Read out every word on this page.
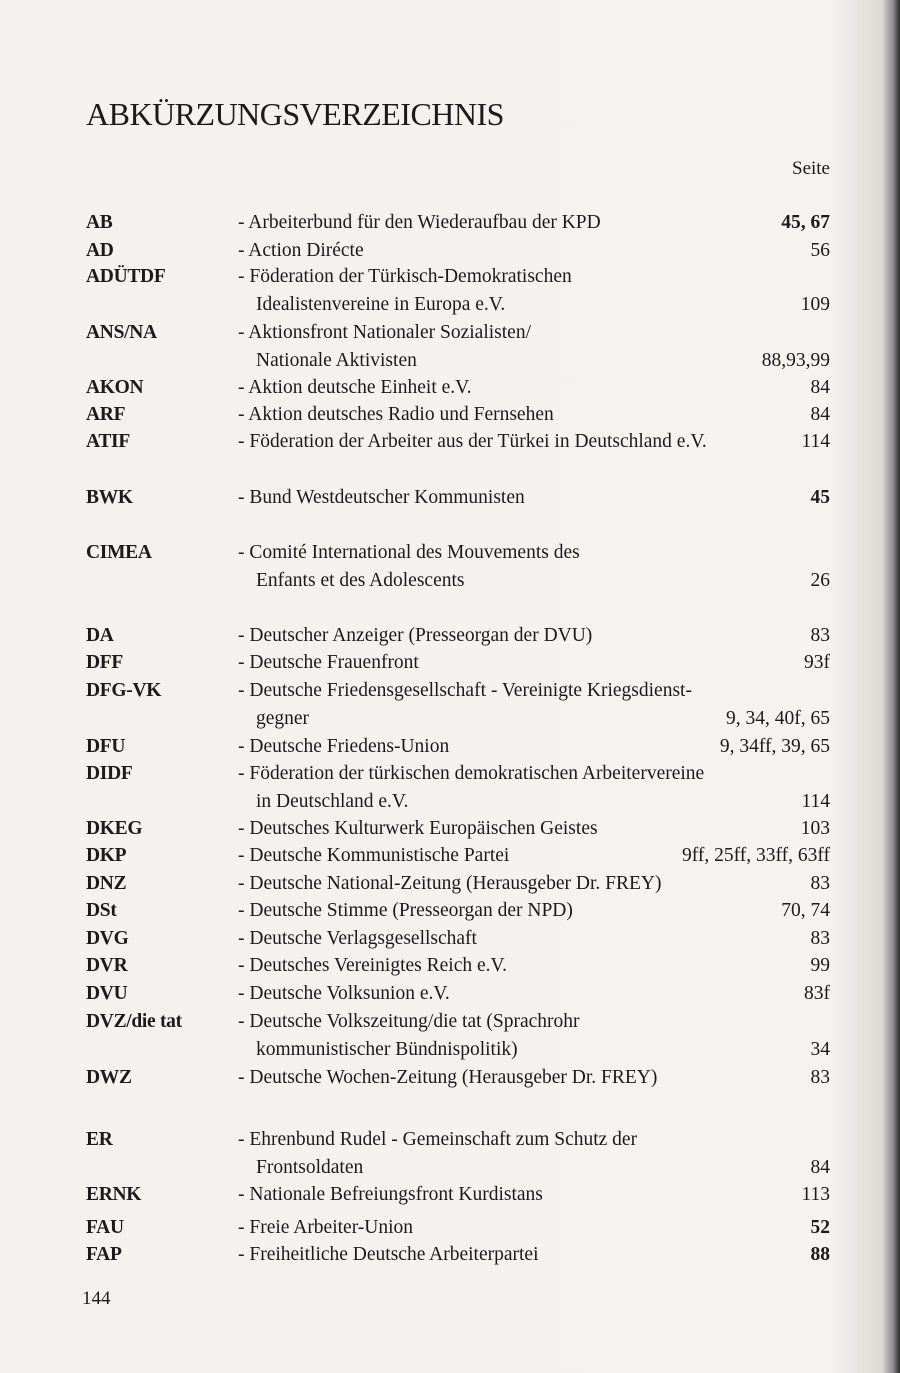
ABKÜRZUNGSVERZEICHNIS
Seite
AB	- Arbeiterbund für den Wiederaufbau der KPD	45, 67
AD	- Action Dirécte	56
ADÜTDF	- Föderation der Türkisch-Demokratischen
Idealistenvereine in Europa e.V.	109
ANS/NA	- Aktionsfront Nationaler Sozialisten/
Nationale Aktivisten	88,93,99
AKON	- Aktion deutsche Einheit e.V.	84
ARF	- Aktion deutsches Radio und Fernsehen	84
ATIF	- Föderation der Arbeiter aus der Türkei in Deutschland e.V.	114
BWK	- Bund Westdeutscher Kommunisten	45
CIMEA	- Comité International des Mouvements des
Enfants et des Adolescents	26
DA	- Deutscher Anzeiger (Presseorgan der DVU)	83
DFF	- Deutsche Frauenfront	93f
DFG-VK	- Deutsche Friedensgesellschaft - Vereinigte Kriegsdienst-
gegner	9, 34, 40f, 65
DFU	- Deutsche Friedens-Union	9, 34ff, 39, 65
DIDF	- Föderation der türkischen demokratischen Arbeitervereine
in Deutschland e.V.	114
DKEG	- Deutsches Kulturwerk Europäischen Geistes	103
DKP	- Deutsche Kommunistische Partei	9ff, 25ff, 33ff, 63ff
DNZ	- Deutsche National-Zeitung (Herausgeber Dr. FREY)	83
DSt	- Deutsche Stimme (Presseorgan der NPD)	70, 74
DVG	- Deutsche Verlagsgesellschaft	83
DVR	- Deutsches Vereinigtes Reich e.V.	99
DVU	- Deutsche Volksunion e.V.	83f
DVZ/die tat	- Deutsche Volkszeitung/die tat (Sprachrohr
kommunistischer Bündnispolitik)	34
DWZ	- Deutsche Wochen-Zeitung (Herausgeber Dr. FREY)	83
ER	- Ehrenbund Rudel - Gemeinschaft zum Schutz der
Frontsoldaten	84
ERNK	- Nationale Befreiungsfront Kurdistans	113
FAU	- Freie Arbeiter-Union	52
FAP	- Freiheitliche Deutsche Arbeiterpartei	88
144
